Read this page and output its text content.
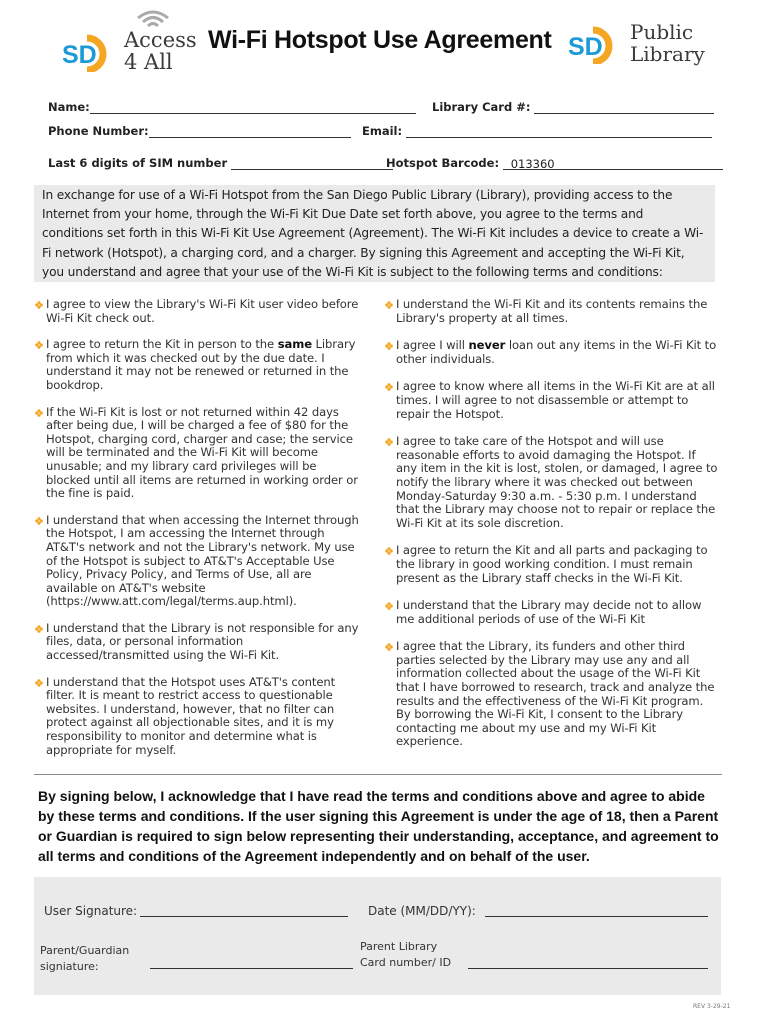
SD
Access
4 All
Wi-Fi Hotspot Use Agreement SD
Public
Library
Name:	Library Card #:
Phone Number:	Email:
Last 6 digits of SIM number	Hotspot Barcode: 013360
In exchange for use of a Wi-Fi Hotspot from the San Diego Public Library (Library), providing access to the Internet from your home, through the Wi-Fi Kit Due Date set forth above, you agree to the terms and conditions set forth in this Wi-Fi Kit Use Agreement (Agreement). The Wi-Fi Kit includes a device to create a Wi-Fi network (Hotspot), a charging cord, and a charger. By signing this Agreement and accepting the Wi-Fi Kit, you understand and agree that your use of the Wi-Fi Kit is subject to the following terms and conditions:
I agree to view the Library's Wi-Fi Kit user video before Wi-Fi Kit check out.
I agree to return the Kit in person to the same Library from which it was checked out by the due date. I understand it may not be renewed or returned in the bookdrop.
If the Wi-Fi Kit is lost or not returned within 42 days after being due, I will be charged a fee of $80 for the Hotspot, charging cord, charger and case; the service will be terminated and the Wi-Fi Kit will become unusable; and my library card privileges will be blocked until all items are returned in working order or the fine is paid.
I understand that when accessing the Internet through the Hotspot, I am accessing the Internet through AT&T's network and not the Library's network. My use of the Hotspot is subject to AT&T's Acceptable Use Policy, Privacy Policy, and Terms of Use, all are available on AT&T's website (https://www.att.com/legal/terms.aup.html).
I understand that the Library is not responsible for any files, data, or personal information accessed/transmitted using the Wi-Fi Kit.
I understand that the Hotspot uses AT&T's content filter. It is meant to restrict access to questionable websites. I understand, however, that no filter can protect against all objectionable sites, and it is my responsibility to monitor and determine what is appropriate for myself.
I understand the Wi-Fi Kit and its contents remains the Library's property at all times.
I agree I will never loan out any items in the Wi-Fi Kit to other individuals.
I agree to know where all items in the Wi-Fi Kit are at all times. I will agree to not disassemble or attempt to repair the Hotspot.
I agree to take care of the Hotspot and will use reasonable efforts to avoid damaging the Hotspot. If any item in the kit is lost, stolen, or damaged, I agree to notify the library where it was checked out between Monday-Saturday 9:30 a.m. - 5:30 p.m. I understand that the Library may choose not to repair or replace the Wi-Fi Kit at its sole discretion.
I agree to return the Kit and all parts and packaging to the library in good working condition. I must remain present as the Library staff checks in the Wi-Fi Kit.
I understand that the Library may decide not to allow me additional periods of use of the Wi-Fi Kit
I agree that the Library, its funders and other third parties selected by the Library may use any and all information collected about the usage of the Wi-Fi Kit that I have borrowed to research, track and analyze the results and the effectiveness of the Wi-Fi Kit program. By borrowing the Wi-Fi Kit, I consent to the Library contacting me about my use and my Wi-Fi Kit experience.
By signing below, I acknowledge that I have read the terms and conditions above and agree to abide by these terms and conditions. If the user signing this Agreement is under the age of 18, then a Parent or Guardian is required to sign below representing their understanding, acceptance, and agreement to all terms and conditions of the Agreement independently and on behalf of the user.
User Signature:	Date (MM/DD/YY):
Parent/Guardian
signiature:
Parent Library
Card number/ ID
REV 3-29-21
